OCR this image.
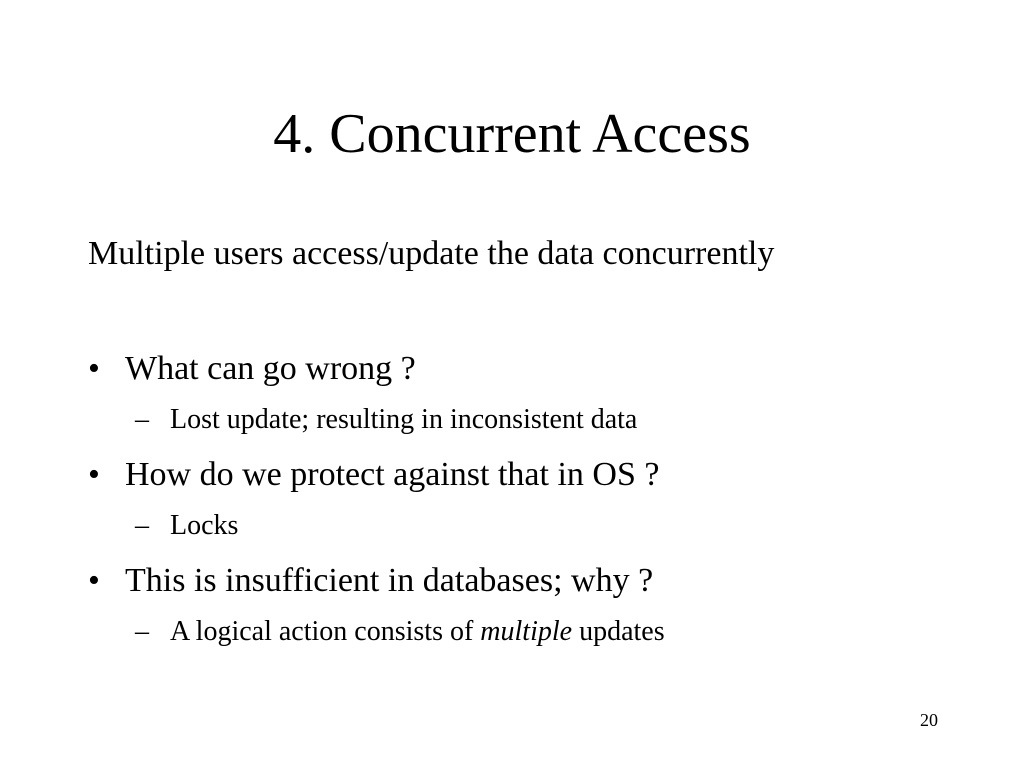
4. Concurrent Access
Multiple users access/update the data concurrently
• What can go wrong ?
– Lost update; resulting in inconsistent data
• How do we protect against that in OS ?
– Locks
• This is insufficient in databases; why ?
– A logical action consists of multiple updates
20
